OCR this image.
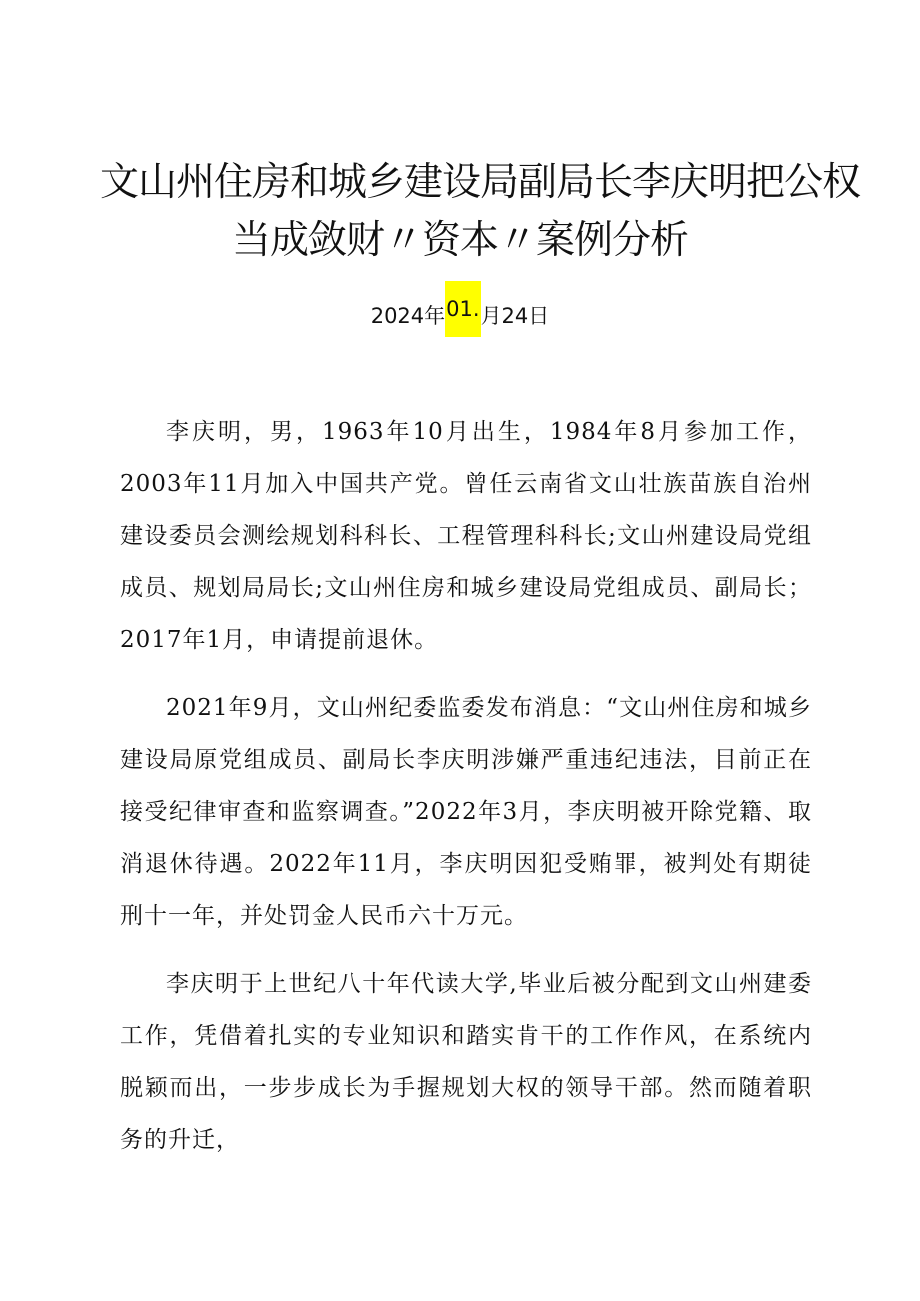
文山州住房和城乡建设局副局长李庆明把公权
当成敛财〃资本〃案例分析
2024年01.月24日

李庆明，男，1963年10月出生，1984年8月参加工作，2003年11月加入中国共产党。曾任云南省文山壮族苗族自治州建设委员会测绘规划科科长、工程管理科科长;文山州建设局党组成员、规划局局长;文山州住房和城乡建设局党组成员、副局长；2017年1月，申请提前退休。

2021年9月，文山州纪委监委发布消息：“文山州住房和城乡建设局原党组成员、副局长李庆明涉嫌严重违纪违法，目前正在接受纪律审查和监察调查。”2022年3月，李庆明被开除党籍、取消退休待遇。2022年11月，李庆明因犯受贿罪，被判处有期徒刑十一年，并处罚金人民币六十万元。

李庆明于上世纪八十年代读大学,毕业后被分配到文山州建委工作，凭借着扎实的专业知识和踏实肯干的工作作风，在系统内脱颖而出，一步步成长为手握规划大权的领导干部。然而随着职务的升迁，
